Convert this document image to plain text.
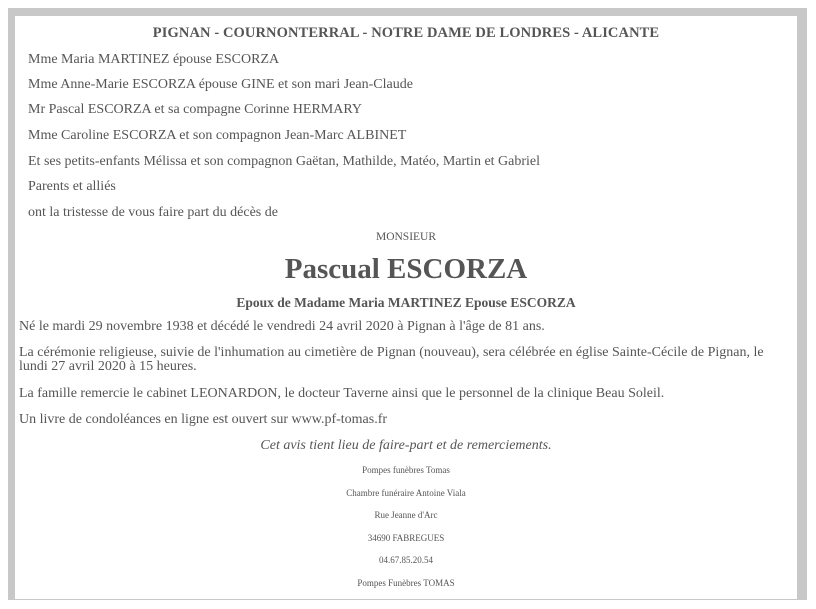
PIGNAN - COURNONTERRAL - NOTRE DAME DE LONDRES - ALICANTE
Mme Maria MARTINEZ épouse ESCORZA
Mme Anne-Marie ESCORZA épouse GINE et son mari Jean-Claude
Mr Pascal ESCORZA et sa compagne Corinne HERMARY
Mme Caroline ESCORZA et son compagnon Jean-Marc ALBINET
Et ses petits-enfants Mélissa et son compagnon Gaëtan, Mathilde, Matéo, Martin et Gabriel
Parents et alliés
ont la tristesse de vous faire part du décès de
MONSIEUR
Pascual ESCORZA
Epoux de Madame Maria MARTINEZ Epouse ESCORZA
Né le mardi 29 novembre 1938 et décédé le vendredi 24 avril 2020 à Pignan à l'âge de 81 ans.
La cérémonie religieuse, suivie de l'inhumation au cimetière de Pignan (nouveau), sera célébrée en église Sainte-Cécile de Pignan, le lundi 27 avril 2020 à 15 heures.
La famille remercie le cabinet LEONARDON, le docteur Taverne ainsi que le personnel de la clinique Beau Soleil.
Un livre de condoléances en ligne est ouvert sur www.pf-tomas.fr
Cet avis tient lieu de faire-part et de remerciements.
Pompes funèbres Tomas
Chambre funéraire Antoine Viala
Rue Jeanne d'Arc
34690 FABREGUES
04.67.85.20.54
Pompes Funèbres TOMAS
